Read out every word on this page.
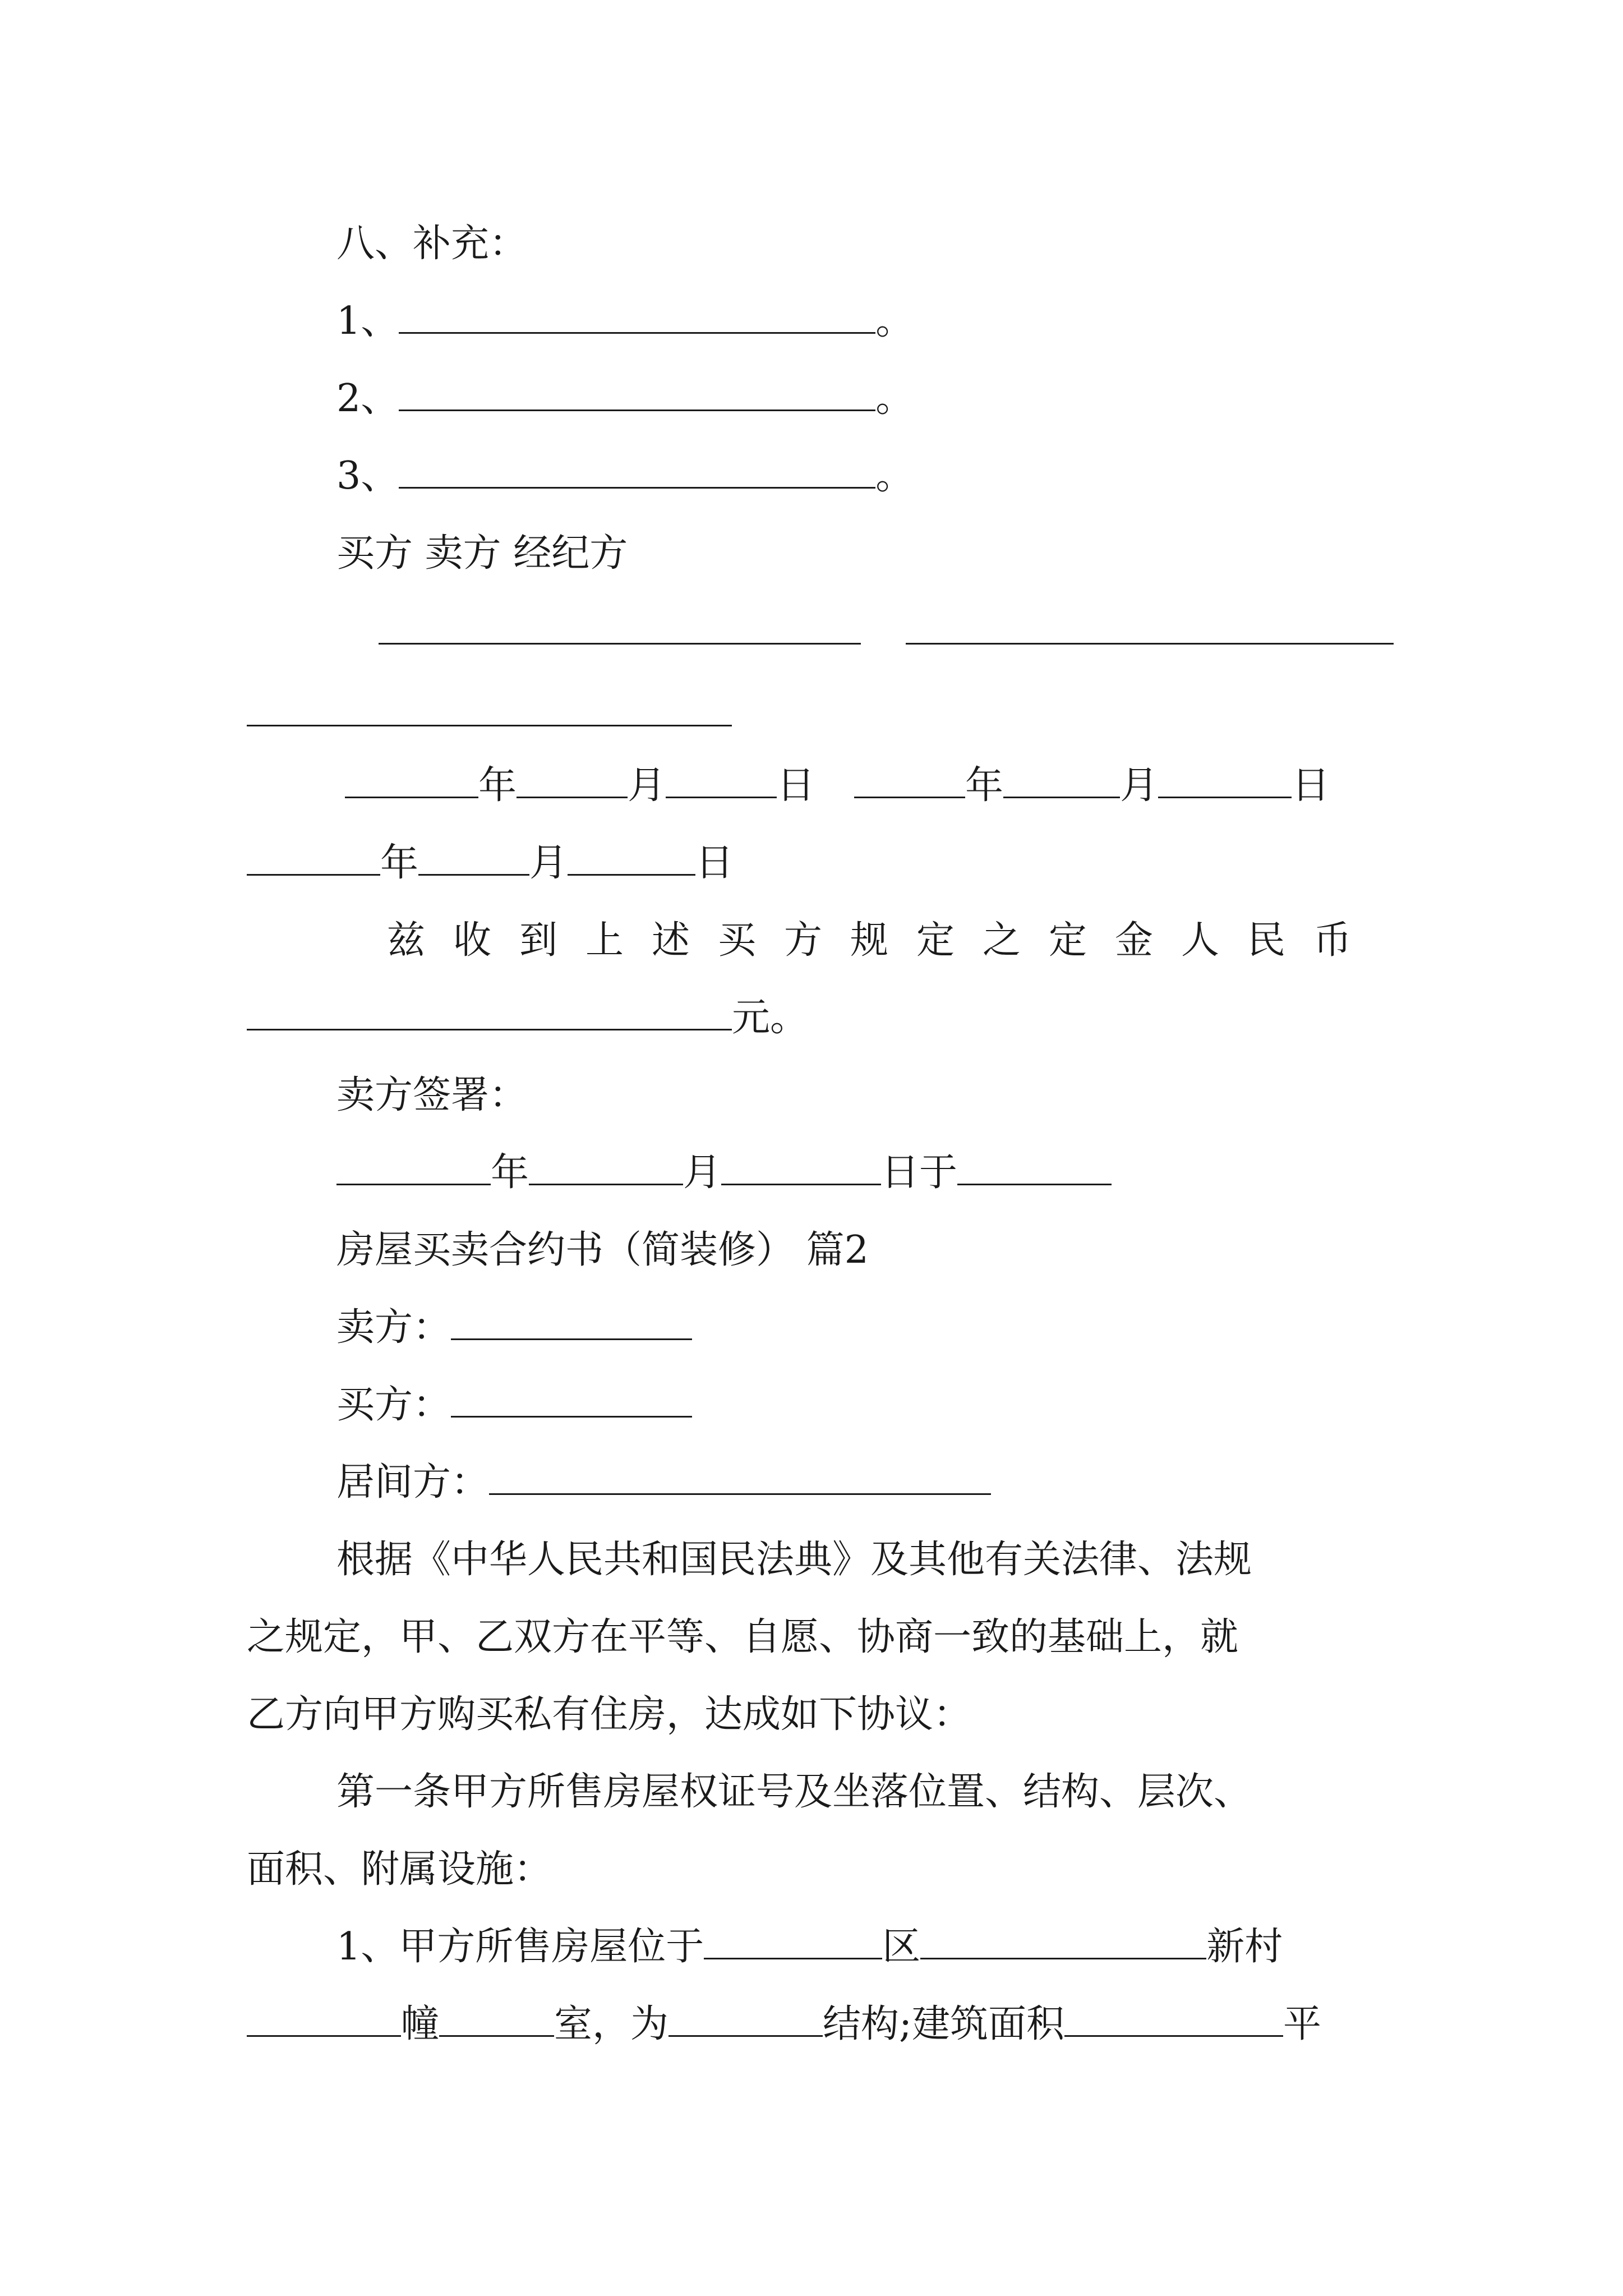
八、补充：
1、	。
2、	。
3、	。
买方 卖方 经纪方
年	月	日	年	月	日
年	月	日
兹收到上述买方规定之定金人民币
元。
卖方签署：
年	月	日于
房屋买卖合约书（简装修） 篇2
卖方：
买方：
居间方：
根据《中华人民共和国民法典》及其他有关法律、法规
之规定，甲、乙双方在平等、自愿、协商一致的基础上，就
乙方向甲方购买私有住房，达成如下协议：
第一条甲方所售房屋权证号及坐落位置、结构、层次、
面积、附属设施：
1、甲方所售房屋位于	区	新村
幢	室，为	结构;建筑面积	平
